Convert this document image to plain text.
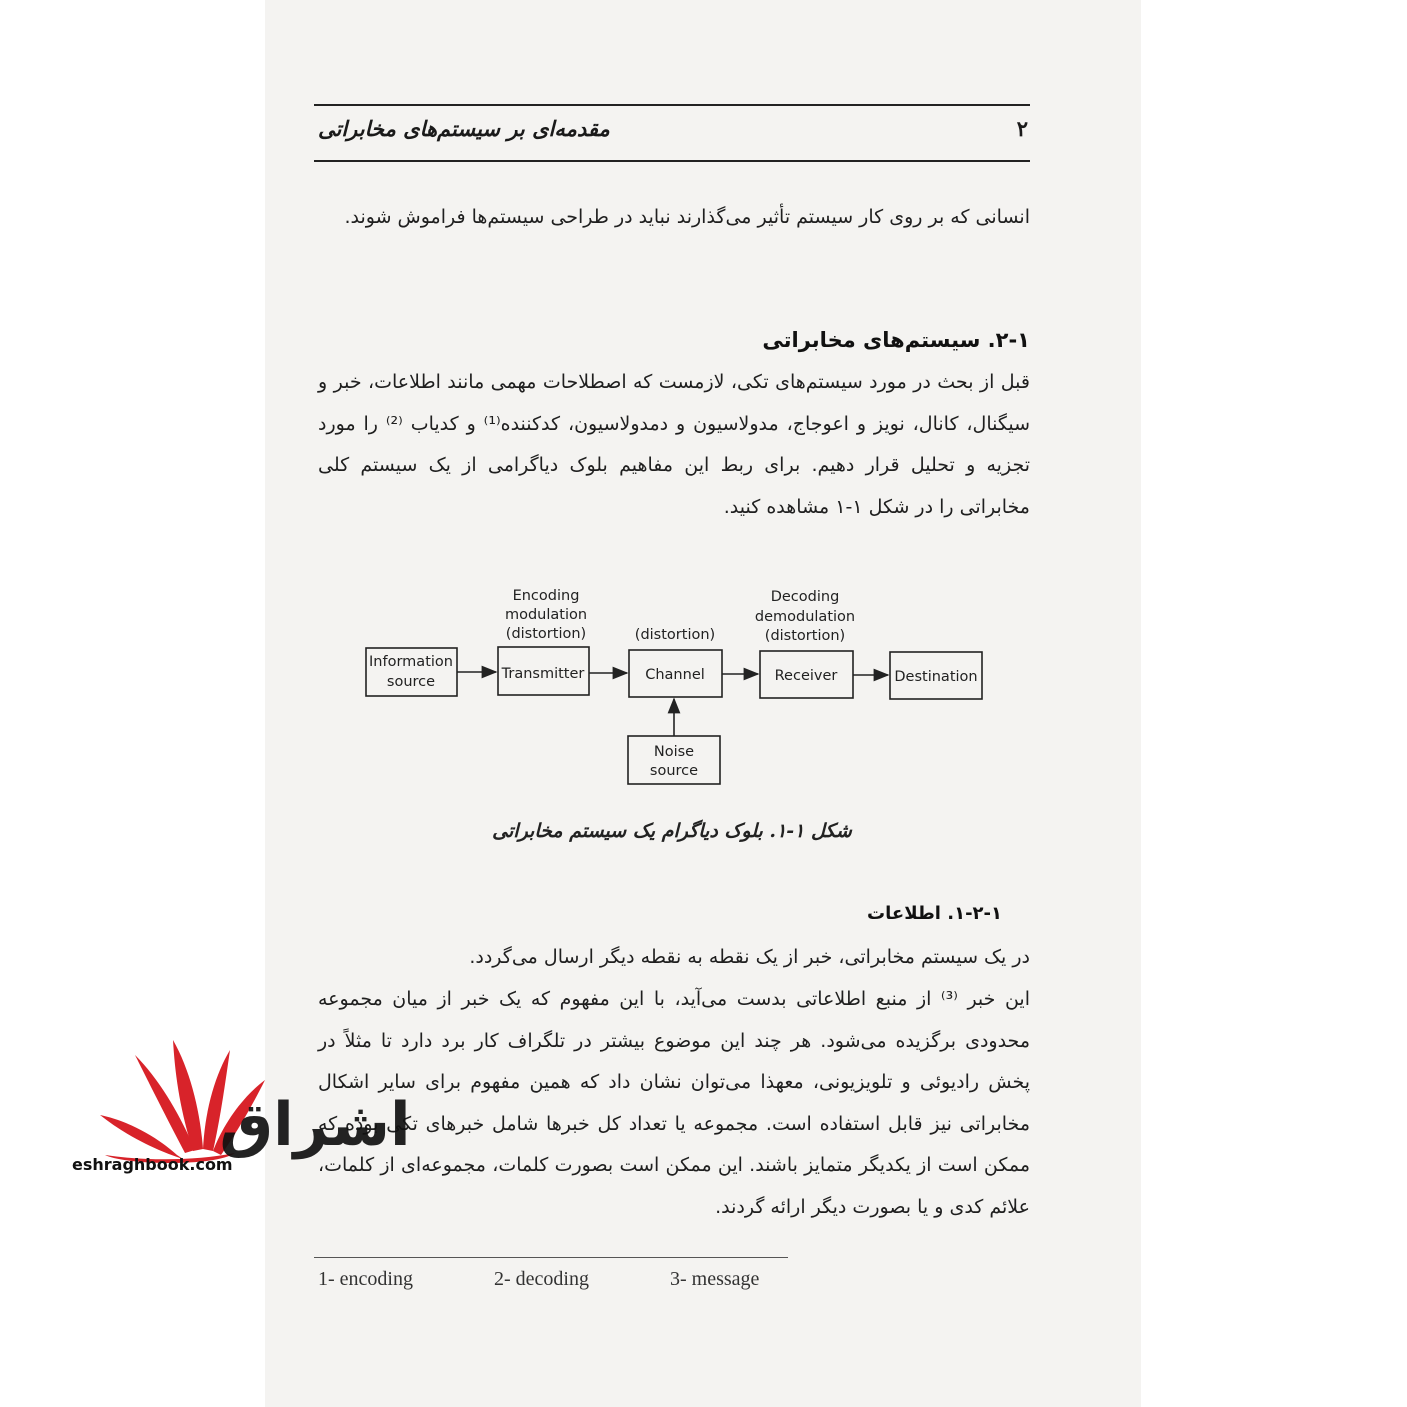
مقدمه‌ای بر سیستم‌های مخابراتی	۲
انسانی که بر روی کار سیستم تأثیر می‌گذارند نباید در طراحی سیستم‌ها فراموش شوند.
۲-۱. سیستم‌های مخابراتی
قبل از بحث در مورد سیستم‌های تکی، لازمست که اصطلاحات مهمی مانند اطلاعات، خبر و سیگنال، کانال، نویز و اعوجاج، مدولاسیون و دمدولاسیون، کدکننده⁽¹⁾ و کدیاب ⁽²⁾ را مورد تجزیه و تحلیل قرار دهیم. برای ربط این مفاهیم بلوک دیاگرامی از یک سیستم کلی مخابراتی را در شکل ۱-۱ مشاهده کنید.
Encoding
modulation
(distortion)	(distortion)
Decoding
demodulation
(distortion)
Information
source	Transmitter	Channel	Receiver	Destination
Noise
source
شکل ۱-۱. بلوک دیاگرام یک سیستم مخابراتی
۱-۲-۱. اطلاعات
در یک سیستم مخابراتی، خبر از یک نقطه به نقطه دیگر ارسال می‌گردد.
این خبر ⁽³⁾ از منبع اطلاعاتی بدست می‌آید، با این مفهوم که یک خبر از میان مجموعه محدودی برگزیده می‌شود. هر چند این موضوع بیشتر در تلگراف کار برد دارد تا مثلاً در پخش رادیوئی و تلویزیونی، معهذا می‌توان نشان داد که همین مفهوم برای سایر اشکال مخابراتی نیز قابل استفاده است. مجموعه یا تعداد کل خبرها شامل خبرهای تکی بوده که ممکن است از یکدیگر متمایز باشند. این ممکن است بصورت کلمات، مجموعه‌ای از کلمات، علائم کدی و یا بصورت دیگر ارائه گردند.
1- encoding	2- decoding	3- message
اشراق
eshraghbook.com
